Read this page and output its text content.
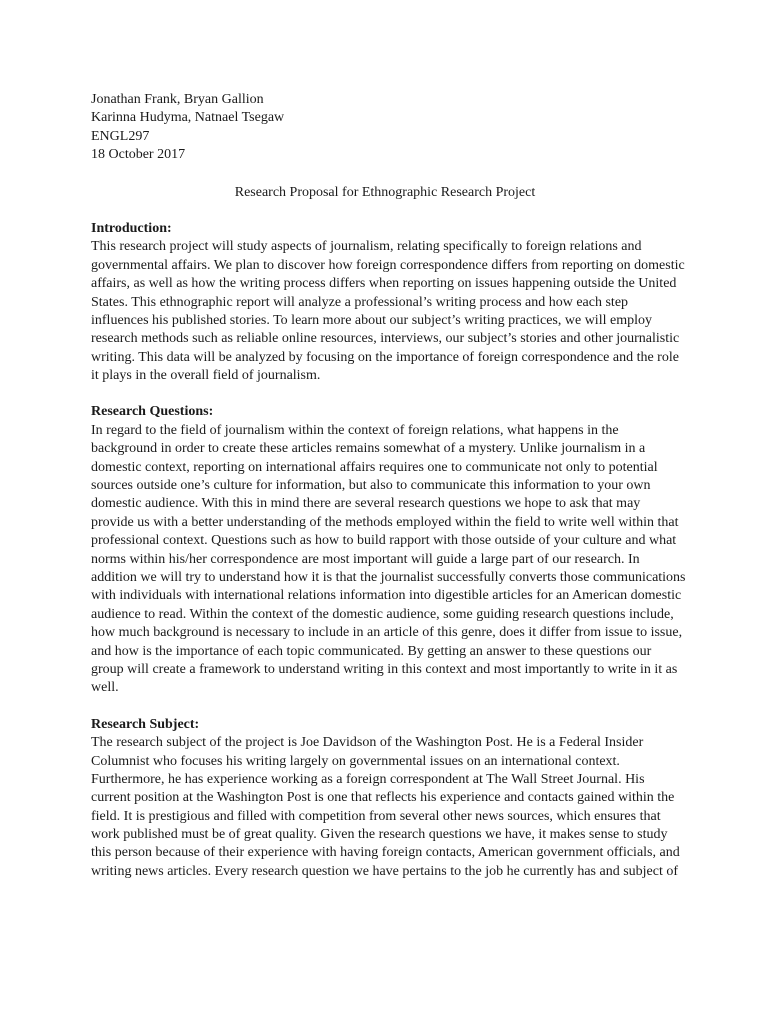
Jonathan Frank, Bryan Gallion
Karinna Hudyma, Natnael Tsegaw
ENGL297
18 October 2017
Research Proposal for Ethnographic Research Project
Introduction:
This research project will study aspects of journalism, relating specifically to foreign relations and
governmental affairs. We plan to discover how foreign correspondence differs from reporting on domestic
affairs, as well as how the writing process differs when reporting on issues happening outside the United
States. This ethnographic report will analyze a professional’s writing process and how each step
influences his published stories. To learn more about our subject’s writing practices, we will employ
research methods such as reliable online resources, interviews, our subject’s stories and other journalistic
writing. This data will be analyzed by focusing on the importance of foreign correspondence and the role
it plays in the overall field of journalism.
Research Questions:
In regard to the field of journalism within the context of foreign relations, what happens in the
background in order to create these articles remains somewhat of a mystery. Unlike journalism in a
domestic context, reporting on international affairs requires one to communicate not only to potential
sources outside one’s culture for information, but also to communicate this information to your own
domestic audience. With this in mind there are several research questions we hope to ask that may
provide us with a better understanding of the methods employed within the field to write well within that
professional context. Questions such as how to build rapport with those outside of your culture and what
norms within his/her correspondence are most important will guide a large part of our research. In
addition we will try to understand how it is that the journalist successfully converts those communications
with individuals with international relations information into digestible articles for an American domestic
audience to read. Within the context of the domestic audience, some guiding research questions include,
how much background is necessary to include in an article of this genre, does it differ from issue to issue,
and how is the importance of each topic communicated. By getting an answer to these questions our
group will create a framework to understand writing in this context and most importantly to write in it as
well.
Research Subject:
The research subject of the project is Joe Davidson of the Washington Post. He is a Federal Insider
Columnist who focuses his writing largely on governmental issues on an international context.
Furthermore, he has experience working as a foreign correspondent at The Wall Street Journal. His
current position at the Washington Post is one that reflects his experience and contacts gained within the
field. It is prestigious and filled with competition from several other news sources, which ensures that
work published must be of great quality. Given the research questions we have, it makes sense to study
this person because of their experience with having foreign contacts, American government officials, and
writing news articles. Every research question we have pertains to the job he currently has and subject of
